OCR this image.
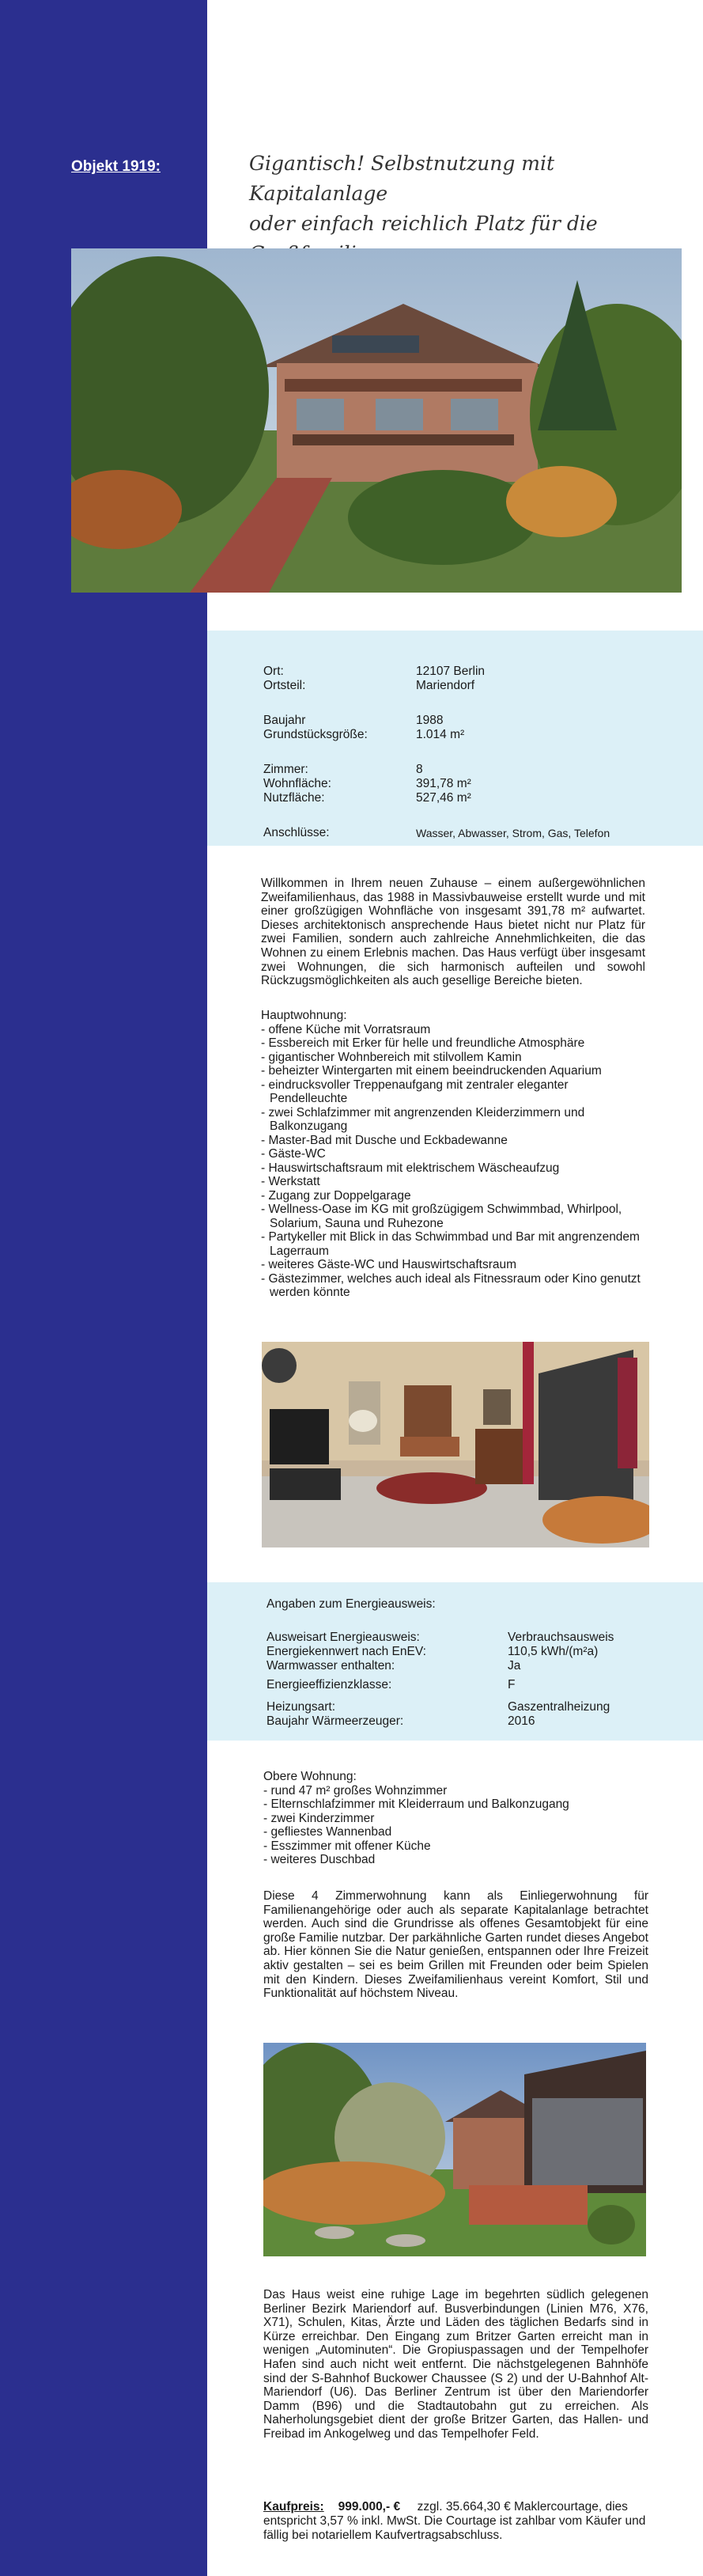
Objekt 1919:	Gigantisch! Selbstnutzung mit Kapitalanlage
oder einfach reichlich Platz für die
Ort:	12107 Berlin
Ortsteil:	Mariendorf
Baujahr	1988
Grundstücksgröße:	1.014 m²
Zimmer:	8
Wohnfläche:	391,78 m²
Nutzfläche:	527,46 m²
Anschlüsse:	Wasser, Abwasser, Strom, Gas, Telefon
Willkommen in Ihrem neuen Zuhause – einem außergewöhnlichen Zweifamilienhaus, das 1988 in Massivbauweise erstellt wurde und mit einer großzügigen Wohnfläche von insgesamt 391,78 m² aufwartet. Dieses architektonisch ansprechende Haus bietet nicht nur Platz für zwei Familien, sondern auch zahlreiche Annehmlichkeiten, die das Wohnen zu einem Erlebnis machen. Das Haus verfügt über insgesamt zwei Wohnungen, die sich harmonisch aufteilen und sowohl Rückzugsmöglichkeiten als auch gesellige Bereiche bieten.
Hauptwohnung:
- offene Küche mit Vorratsraum
- Essbereich mit Erker für helle und freundliche Atmosphäre
- gigantischer Wohnbereich mit stilvollem Kamin
- beheizter Wintergarten mit einem beeindruckenden Aquarium
- eindrucksvoller Treppenaufgang mit zentraler eleganter Pendelleuchte
- zwei Schlafzimmer mit angrenzenden Kleiderzimmern und Balkonzugang
- Master-Bad mit Dusche und Eckbadewanne
- Gäste-WC
- Hauswirtschaftsraum mit elektrischem Wäscheaufzug
- Werkstatt
- Zugang zur Doppelgarage
- Wellness-Oase im KG mit großzügigem Schwimmbad, Whirlpool, Solarium, Sauna und Ruhezone
- Partykeller mit Blick in das Schwimmbad und Bar mit angrenzendem Lagerraum
- weiteres Gäste-WC und Hauswirtschaftsraum
- Gästezimmer, welches auch ideal als Fitnessraum oder Kino genutzt werden könnte
Angaben zum Energieausweis:
Ausweisart Energieausweis:	Verbrauchsausweis
Energiekennwert nach EnEV:	110,5 kWh/(m²a)
Warmwasser enthalten:	Ja
Energieeffizienzklasse:	F
Heizungsart:	Gaszentralheizung
Baujahr Wärmeerzeuger:	2016
Obere Wohnung:
- rund 47 m² großes Wohnzimmer
- Elternschlafzimmer mit Kleiderraum und Balkonzugang
- zwei Kinderzimmer
- gefliestes Wannenbad
- Esszimmer mit offener Küche
- weiteres Duschbad
Diese 4 Zimmerwohnung kann als Einliegerwohnung für Familienangehörige oder auch als separate Kapitalanlage betrachtet werden. Auch sind die Grundrisse als offenes Gesamtobjekt für eine große Familie nutzbar. Der parkähnliche Garten rundet dieses Angebot ab. Hier können Sie die Natur genießen, entspannen oder Ihre Freizeit aktiv gestalten – sei es beim Grillen mit Freunden oder beim Spielen mit den Kindern. Dieses Zweifamilienhaus vereint Komfort, Stil und Funktionalität auf höchstem Niveau.
Das Haus weist eine ruhige Lage im begehrten südlich gelegenen Berliner Bezirk Mariendorf auf. Busverbindungen (Linien M76, X76, X71), Schulen, Kitas, Ärzte und Läden des täglichen Bedarfs sind in Kürze erreichbar. Den Eingang zum Britzer Garten erreicht man in wenigen „Autominuten“. Die Gropiuspassagen und der Tempelhofer Hafen sind auch nicht weit entfernt. Die nächstgelegenen Bahnhöfe sind der S-Bahnhof Buckower Chaussee (S 2) und der U-Bahnhof Alt-Mariendorf (U6). Das Berliner Zentrum ist über den Mariendorfer Damm (B96) und die Stadtautobahn gut zu erreichen. Als Naherholungsgebiet dient der große Britzer Garten, das Hallen- und Freibad im Ankogelweg und das Tempelhofer Feld.
Kaufpreis: 999.000,- € zzgl. 35.664,30 € Maklercourtage, dies entspricht 3,57 % inkl. MwSt. Die Courtage ist zahlbar vom Käufer und fällig bei notariellem Kaufvertragsabschluss.
